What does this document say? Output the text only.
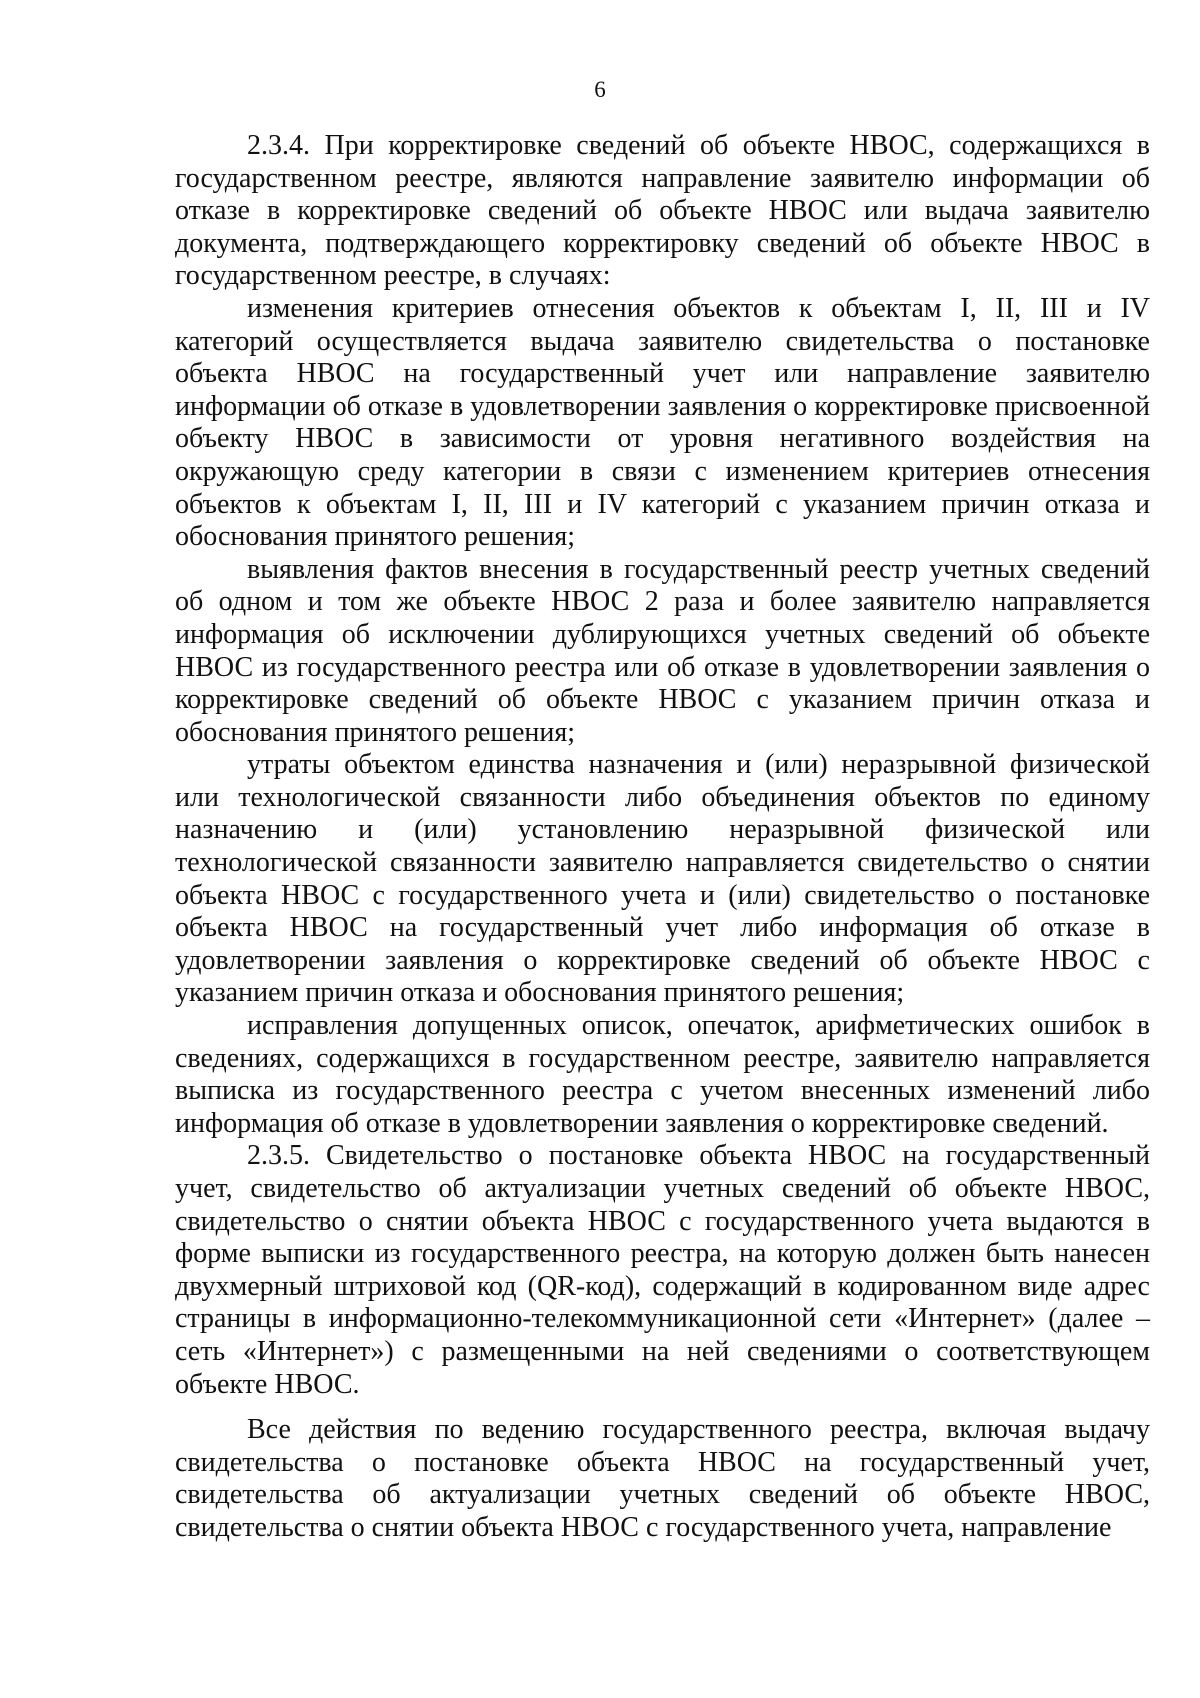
6

2.3.4. При корректировке сведений об объекте НВОС, содержащихся в государственном реестре, являются направление заявителю информации об отказе в корректировке сведений об объекте НВОС или выдача заявителю документа, подтверждающего корректировку сведений об объекте НВОС в государственном реестре, в случаях:

изменения критериев отнесения объектов к объектам I, II, III и IV категорий осуществляется выдача заявителю свидетельства о постановке объекта НВОС на государственный учет или направление заявителю информации об отказе в удовлетворении заявления о корректировке присвоенной объекту НВОС в зависимости от уровня негативного воздействия на окружающую среду категории в связи с изменением критериев отнесения объектов к объектам I, II, III и IV категорий с указанием причин отказа и обоснования принятого решения;

выявления фактов внесения в государственный реестр учетных сведений об одном и том же объекте НВОС 2 раза и более заявителю направляется информация об исключении дублирующихся учетных сведений об объекте НВОС из государственного реестра или об отказе в удовлетворении заявления о корректировке сведений об объекте НВОС с указанием причин отказа и обоснования принятого решения;

утраты объектом единства назначения и (или) неразрывной физической или технологической связанности либо объединения объектов по единому назначению и (или) установлению неразрывной физической или технологической связанности заявителю направляется свидетельство о снятии объекта НВОС с государственного учета и (или) свидетельство о постановке объекта НВОС на государственный учет либо информация об отказе в удовлетворении заявления о корректировке сведений об объекте НВОС с указанием причин отказа и обоснования принятого решения;

исправления допущенных описок, опечаток, арифметических ошибок в сведениях, содержащихся в государственном реестре, заявителю направляется выписка из государственного реестра с учетом внесенных изменений либо информация об отказе в удовлетворении заявления о корректировке сведений.

2.3.5. Свидетельство о постановке объекта НВОС на государственный учет, свидетельство об актуализации учетных сведений об объекте НВОС, свидетельство о снятии объекта НВОС с государственного учета выдаются в форме выписки из государственного реестра, на которую должен быть нанесен двухмерный штриховой код (QR-код), содержащий в кодированном виде адрес страницы в информационно-телекоммуникационной сети «Интернет» (далее – сеть «Интернет») с размещенными на ней сведениями о соответствующем объекте НВОС.

Все действия по ведению государственного реестра, включая выдачу свидетельства о постановке объекта НВОС на государственный учет, свидетельства об актуализации учетных сведений об объекте НВОС, свидетельства о снятии объекта НВОС с государственного учета, направление
